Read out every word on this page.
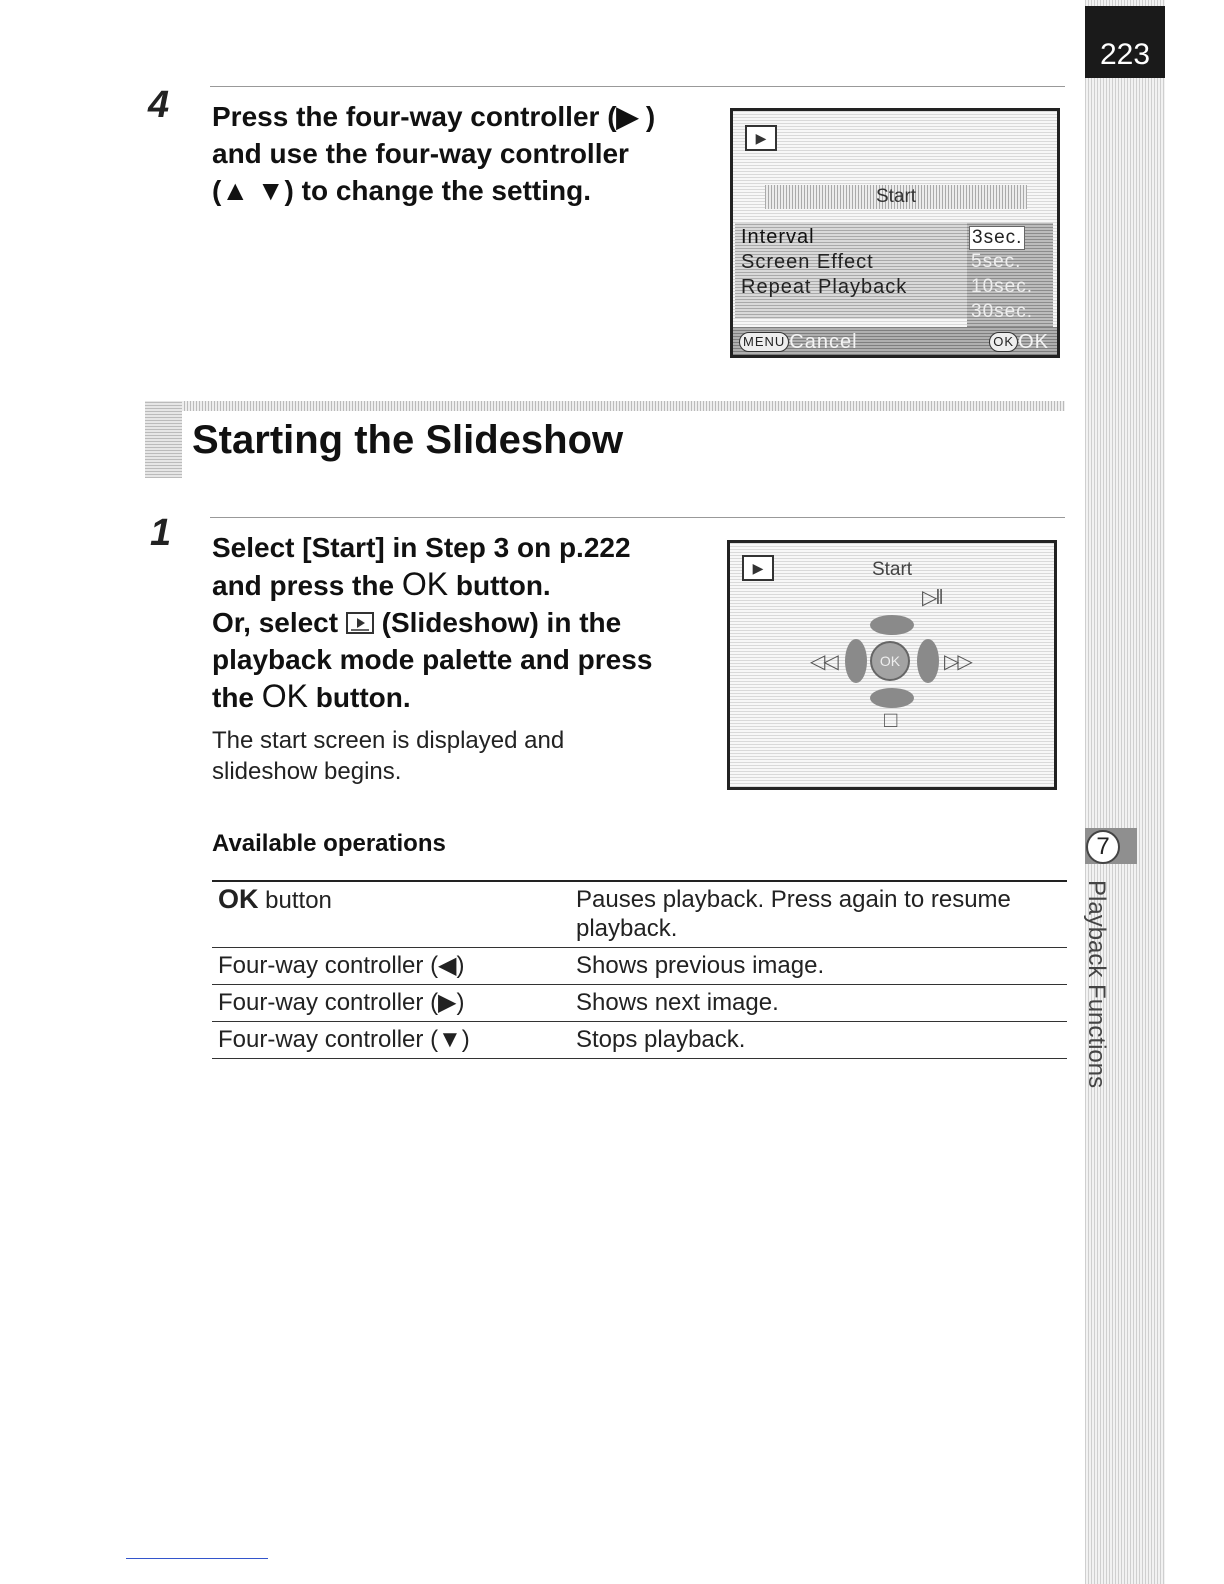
223
7
Playback Functions
4 Press the four-way controller (▶ )
and use the four-way controller
(▲ ▼) to change the setting.
▶
Start
Interval
Screen Effect
Repeat Playback
3sec.
5sec.
10sec.
30sec.
MENU Cancel	OK OK
Starting the Slideshow
1 Select [Start] in Step 3 on p.222
and press the OK button.
Or, select
(Slideshow) in the
playback mode palette and press
the OK button.
The start screen is displayed and
slideshow begins.
▶	Start
▷‖
OK
◁◁	▷▷
□
Available operations
OK button	Pauses playback. Press again to resume playback.
Four-way controller (◀)	Shows previous image.
Four-way controller (▶)	Shows next image.
Four-way controller (▼)	Stops playback.
